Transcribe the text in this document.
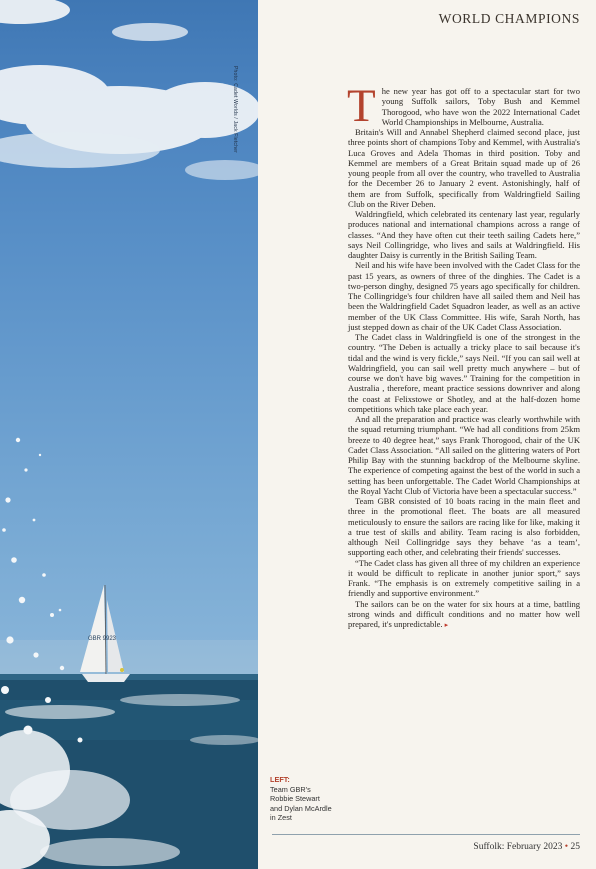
GBR 9923
Photo: Cadet Worlds / Jack Fletcher
LEFT:
Team GBR's Robbie Stewart and Dylan McArdle in Zest
WORLD CHAMPIONS

The new year has got off to a spectacular start for two young Suffolk sailors, Toby Bush and Kemmel Thorogood, who have won the 2022 International Cadet World Championships in Melbourne, Australia.

Britain's Will and Annabel Shepherd claimed second place, just three points short of champions Toby and Kemmel, with Australia's Luca Groves and Adela Thomas in third position. Toby and Kemmel are members of a Great Britain squad made up of 26 young people from all over the country, who travelled to Australia for the December 26 to January 2 event. Astonishingly, half of them are from Suffolk, specifically from Waldringfield Sailing Club on the River Deben.

Waldringfield, which celebrated its centenary last year, regularly produces national and international champions across a range of classes. “And they have often cut their teeth sailing Cadets here,” says Neil Collingridge, who lives and sails at Waldringfield. His daughter Daisy is currently in the British Sailing Team.

Neil and his wife have been involved with the Cadet Class for the past 15 years, as owners of three of the dinghies. The Cadet is a two-person dinghy, designed 75 years ago specifically for children. The Collingridge's four children have all sailed them and Neil has been the Waldringfield Cadet Squadron leader, as well as an active member of the UK Class Committee. His wife, Sarah North, has just stepped down as chair of the UK Cadet Class Association.

The Cadet class in Waldringfield is one of the strongest in the country. “The Deben is actually a tricky place to sail because it's tidal and the wind is very fickle,” says Neil. “If you can sail well at Waldringfield, you can sail well pretty much anywhere – but of course we don't have big waves.” Training for the competition in Australia , therefore, meant practice sessions downriver and along the coast at Felixstowe or Shotley, and at the half-dozen home competitions which take place each year.

And all the preparation and practice was clearly worthwhile with the squad returning triumphant. “We had all conditions from 25km breeze to 40 degree heat,” says Frank Thorogood, chair of the UK Cadet Class Association. “All sailed on the glittering waters of Port Philip Bay with the stunning backdrop of the Melbourne skyline. The experience of competing against the best of the world in such a setting has been unforgettable. The Cadet World Championships at the Royal Yacht Club of Victoria have been a spectacular success.”

Team GBR consisted of 10 boats racing in the main fleet and three in the promotional fleet. The boats are all measured meticulously to ensure the sailors are racing like for like, making it a true test of skills and ability. Team racing is also forbidden, although Neil Collingridge says they behave ‘as a team’, supporting each other, and celebrating their friends' successes.

“The Cadet class has given all three of my children an experience it would be difficult to replicate in another junior sport,” says Frank. “The emphasis is on extremely competitive sailing in a friendly and supportive environment.”

The sailors can be on the water for six hours at a time, battling strong winds and difficult conditions and no matter how well prepared, it's unpredictable. ▸

Suffolk: February 2023 • 25
